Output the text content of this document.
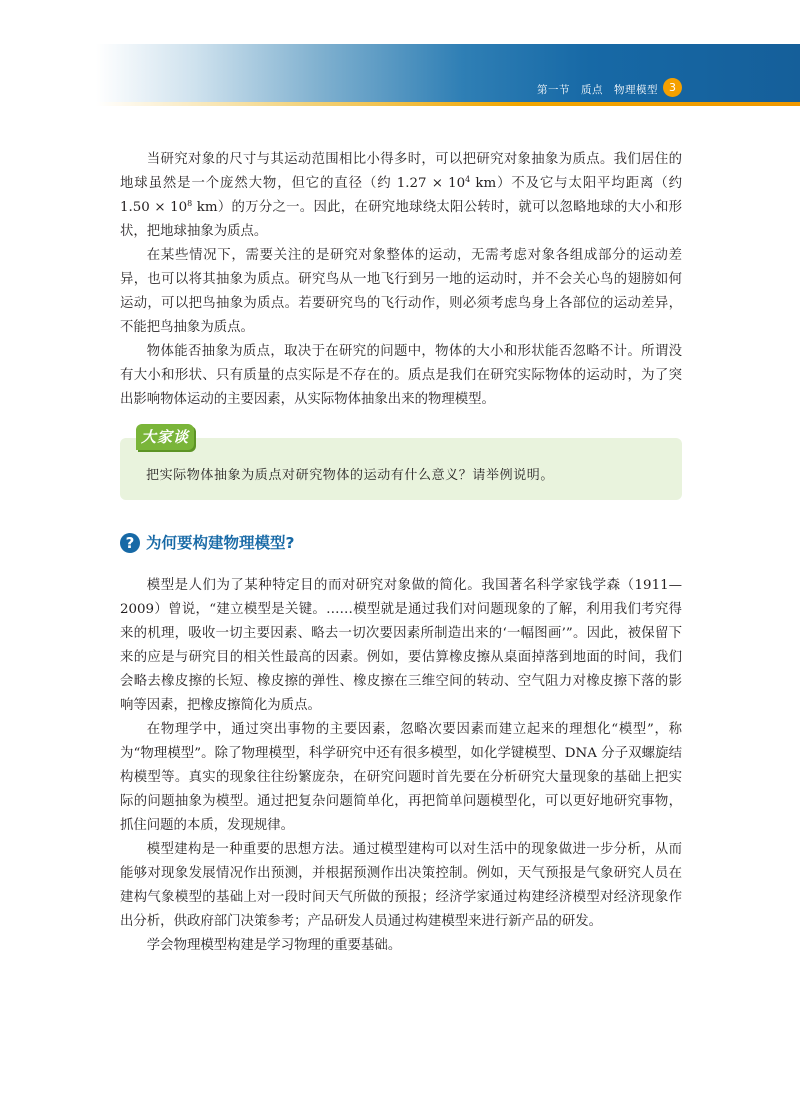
第一节　质点　物理模型	3

当研究对象的尺寸与其运动范围相比小得多时，可以把研究对象抽象为质点。我们居住的地球虽然是一个庞然大物，但它的直径（约 $1.27 \times 10^4$ km）不及它与太阳平均距离（约 $1.50 \times 10^8$ km）的万分之一。因此，在研究地球绕太阳公转时，就可以忽略地球的大小和形状，把地球抽象为质点。

在某些情况下，需要关注的是研究对象整体的运动，无需考虑对象各组成部分的运动差异，也可以将其抽象为质点。研究鸟从一地飞行到另一地的运动时，并不会关心鸟的翅膀如何运动，可以把鸟抽象为质点。若要研究鸟的飞行动作，则必须考虑鸟身上各部位的运动差异，不能把鸟抽象为质点。

物体能否抽象为质点，取决于在研究的问题中，物体的大小和形状能否忽略不计。所谓没有大小和形状、只有质量的点实际是不存在的。质点是我们在研究实际物体的运动时，为了突出影响物体运动的主要因素，从实际物体抽象出来的物理模型。

大家谈
把实际物体抽象为质点对研究物体的运动有什么意义？请举例说明。
? 为何要构建物理模型?

模型是人们为了某种特定目的而对研究对象做的简化。我国著名科学家钱学森（1911—2009）曾说，“建立模型是关键。……模型就是通过我们对问题现象的了解，利用我们考究得来的机理，吸收一切主要因素、略去一切次要因素所制造出来的‘一幅图画’”。因此，被保留下来的应是与研究目的相关性最高的因素。例如，要估算橡皮擦从桌面掉落到地面的时间，我们会略去橡皮擦的长短、橡皮擦的弹性、橡皮擦在三维空间的转动、空气阻力对橡皮擦下落的影响等因素，把橡皮擦简化为质点。

在物理学中，通过突出事物的主要因素，忽略次要因素而建立起来的理想化“模型”，称为“物理模型”。除了物理模型，科学研究中还有很多模型，如化学键模型、DNA 分子双螺旋结构模型等。真实的现象往往纷繁庞杂，在研究问题时首先要在分析研究大量现象的基础上把实际的问题抽象为模型。通过把复杂问题简单化，再把简单问题模型化，可以更好地研究事物，抓住问题的本质，发现规律。

模型建构是一种重要的思想方法。通过模型建构可以对生活中的现象做进一步分析，从而能够对现象发展情况作出预测，并根据预测作出决策控制。例如，天气预报是气象研究人员在建构气象模型的基础上对一段时间天气所做的预报；经济学家通过构建经济模型对经济现象作出分析，供政府部门决策参考；产品研发人员通过构建模型来进行新产品的研发。

学会物理模型构建是学习物理的重要基础。
